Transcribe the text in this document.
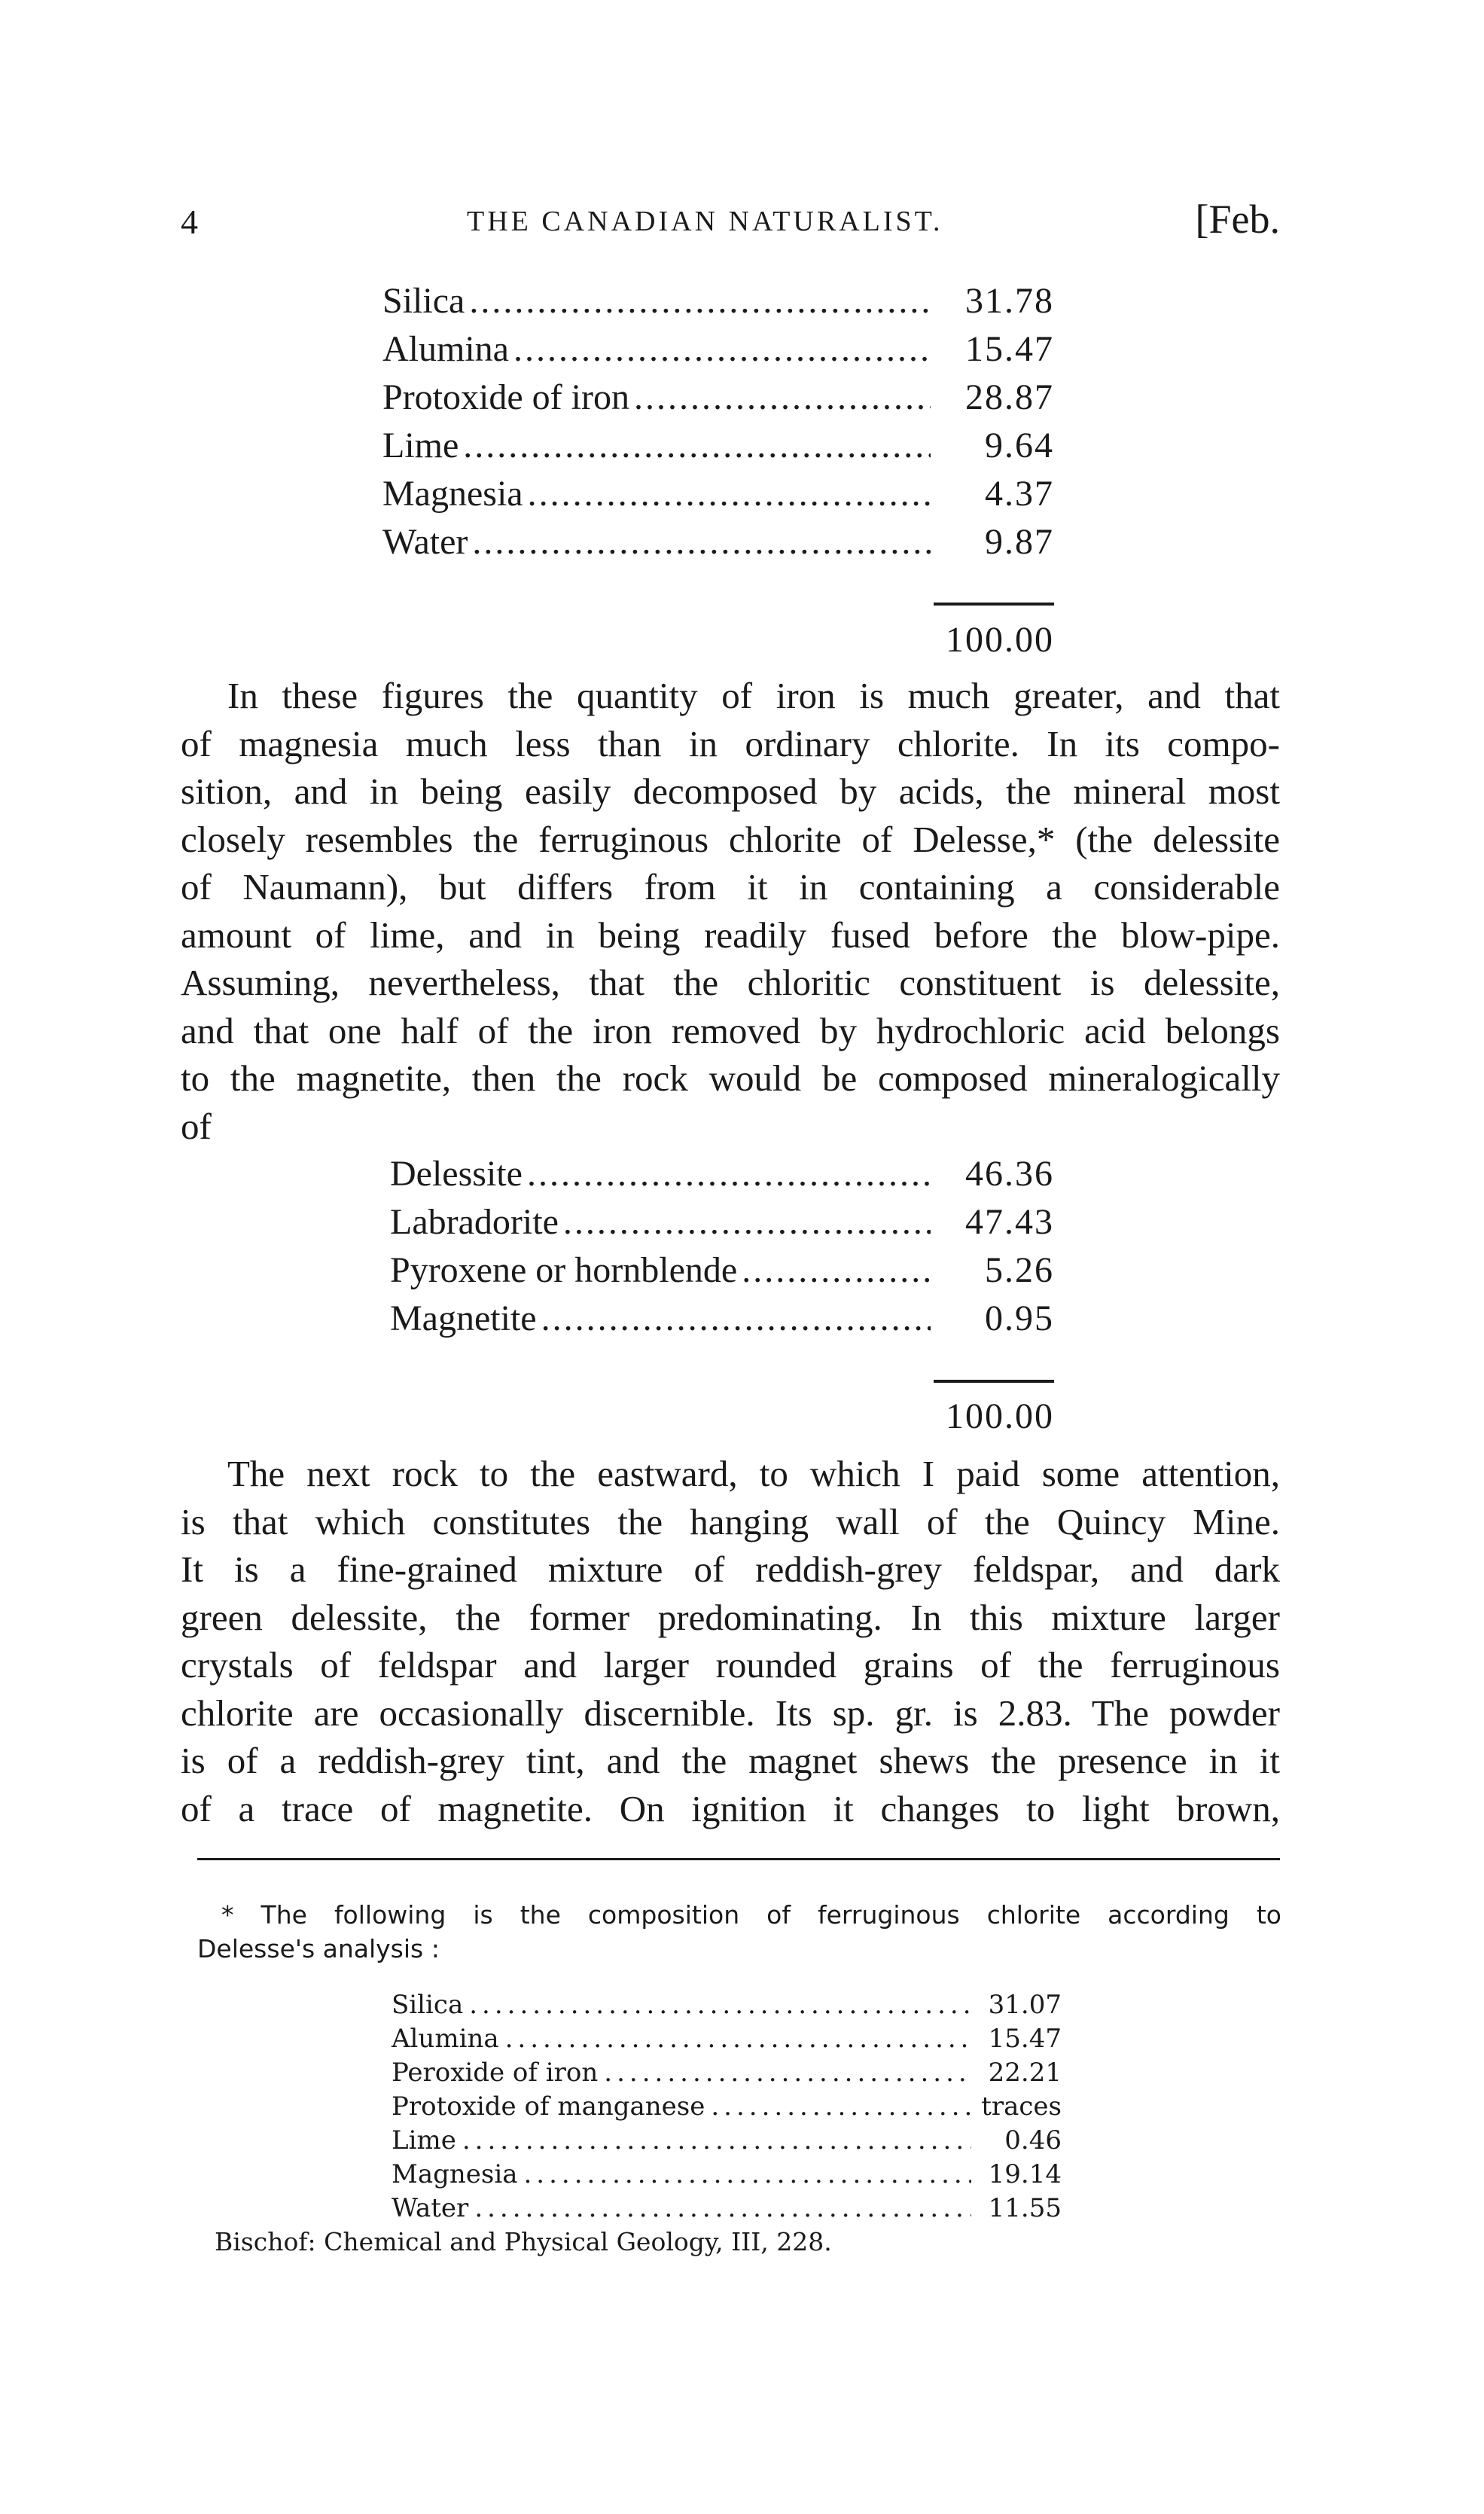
4	THE CANADIAN NATURALIST.	[Feb.
Silica .....	31.78
Alumina .....	15.47
Protoxide of iron .....	28.87
Lime .....	9.64
Magnesia .....	4.37
Water .....	9.87
100.00
In these figures the quantity of iron is much greater, and that
of magnesia much less than in ordinary chlorite. In its compo-
sition, and in being easily decomposed by acids, the mineral most
closely resembles the ferruginous chlorite of Delesse,* (the delessite
of Naumann), but differs from it in containing a considerable
amount of lime, and in being readily fused before the blow-pipe.
Assuming, nevertheless, that the chloritic constituent is delessite,
and that one half of the iron removed by hydrochloric acid belongs
to the magnetite, then the rock would be composed mineralogically
of
Delessite .....	46.36
Labradorite .....	47.43
Pyroxene or hornblende .....	5.26
Magnetite .....	0.95
100.00
The next rock to the eastward, to which I paid some attention,
is that which constitutes the hanging wall of the Quincy Mine.
It is a fine-grained mixture of reddish-grey feldspar, and dark
green delessite, the former predominating. In this mixture larger
crystals of feldspar and larger rounded grains of the ferruginous
chlorite are occasionally discernible. Its sp. gr. is 2.83. The powder
is of a reddish-grey tint, and the magnet shews the presence in it
of a trace of magnetite. On ignition it changes to light brown,
* The following is the composition of ferruginous chlorite according to
Delesse's analysis :
Silica .....	31.07
Alumina .....	15.47
Peroxide of iron .....	22.21
Protoxide of manganese .....	traces
Lime .....	0.46
Magnesia .....	19.14
Water .....	11.55
Bischof: Chemical and Physical Geology, III, 228.
